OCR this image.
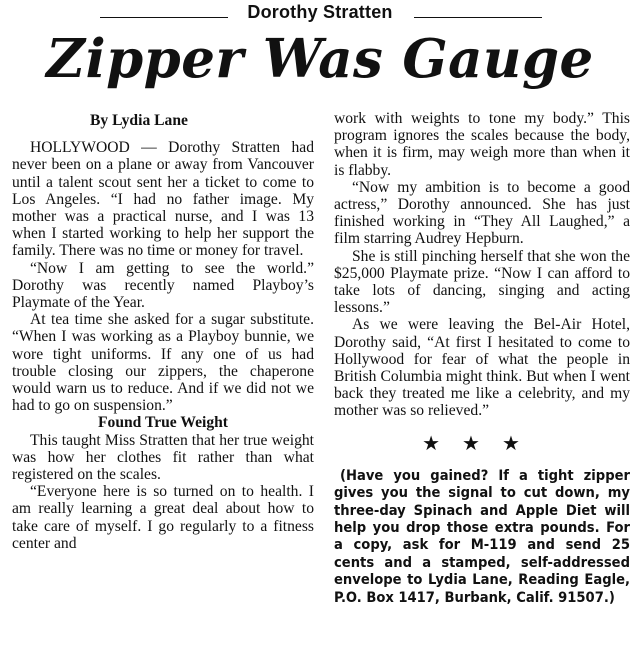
Dorothy Stratten
Zipper Was Gauge

By Lydia Lane

HOLLYWOOD — Dorothy Stratten had never been on a plane or away from Vancouver until a talent scout sent her a ticket to come to Los Angeles. “I had no father image. My mother was a practical nurse, and I was 13 when I started working to help her support the family. There was no time or money for travel.

“Now I am getting to see the world.” Dorothy was recently named Playboy’s Playmate of the Year.

At tea time she asked for a sugar substitute. “When I was working as a Playboy bunnie, we wore tight uniforms. If any one of us had trouble closing our zippers, the chaperone would warn us to reduce. And if we did not we had to go on suspension.”

Found True Weight

This taught Miss Stratten that her true weight was how her clothes fit rather than what registered on the scales.

“Everyone here is so turned on to health. I am really learning a great deal about how to take care of myself. I go regularly to a fitness center and

work with weights to tone my body.” This program ignores the scales because the body, when it is firm, may weigh more than when it is flabby.

“Now my ambition is to become a good actress,” Dorothy announced. She has just finished working in “They All Laughed,” a film starring Audrey Hepburn.

She is still pinching herself that she won the $25,000 Playmate prize. “Now I can afford to take lots of dancing, singing and acting lessons.”

As we were leaving the Bel-Air Hotel, Dorothy said, “At first I hesitated to come to Hollywood for fear of what the people in British Columbia might think. But when I went back they treated me like a celebrity, and my mother was so relieved.”

★★★

(Have you gained? If a tight zipper gives you the signal to cut down, my three-day Spinach and Apple Diet will help you drop those extra pounds. For a copy, ask for M-119 and send 25 cents and a stamped, self-addressed envelope to Lydia Lane, Reading Eagle, P.O. Box 1417, Burbank, Calif. 91507.)
